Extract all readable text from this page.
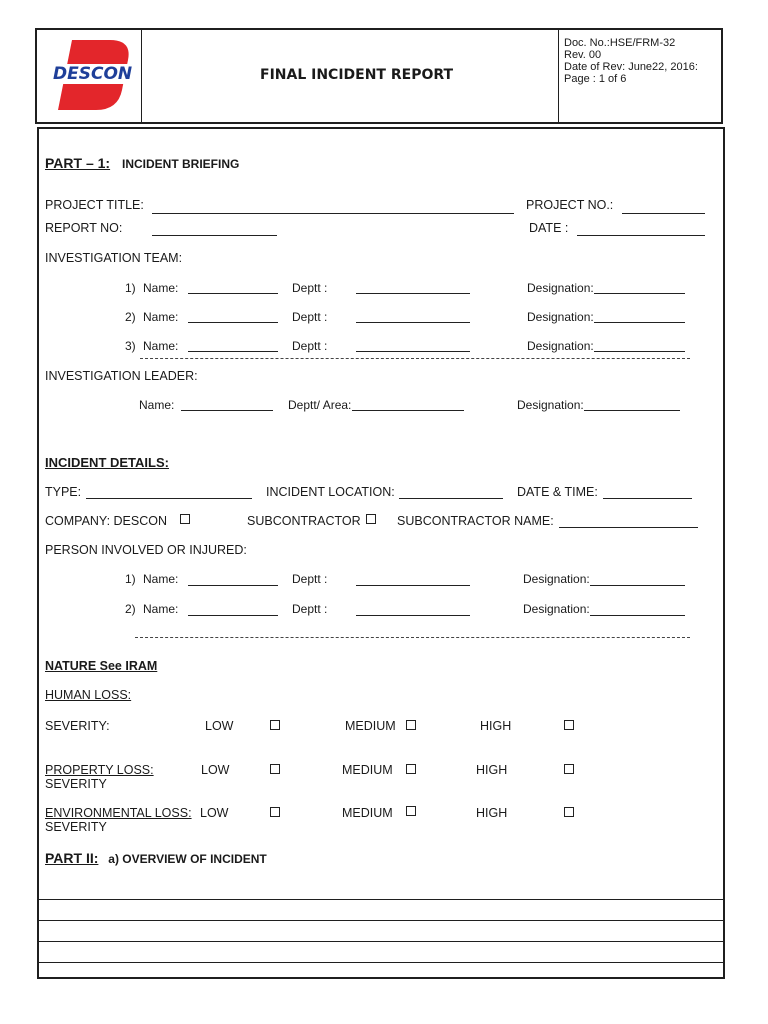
DESCON	FINAL INCIDENT REPORT
Doc. No.:HSE/FRM-32
Rev. 00
Date of Rev: June22, 2016:
Page : 1 of 6
PART – 1: INCIDENT BRIEFING
PROJECT TITLE:	PROJECT NO.:
REPORT NO:	DATE :
INVESTIGATION TEAM:
1) Name:	Deptt :	Designation:
2) Name:	Deptt :	Designation:
3) Name:	Deptt :	Designation:
INVESTIGATION LEADER:
Name:	Deptt/ Area:	Designation:
INCIDENT DETAILS:
TYPE:	INCIDENT LOCATION:	DATE & TIME:
COMPANY: DESCON	SUBCONTRACTOR	SUBCONTRACTOR NAME:
PERSON INVOLVED OR INJURED:
1) Name:	Deptt :	Designation:
2) Name:	Deptt :	Designation:
NATURE See IRAM
HUMAN LOSS:
SEVERITY:	LOW	MEDIUM	HIGH
PROPERTY LOSS:
SEVERITY
LOW	MEDIUM	HIGH
ENVIRONMENTAL LOSS:
SEVERITY
LOW	MEDIUM	HIGH
PART II: a) OVERVIEW OF INCIDENT
